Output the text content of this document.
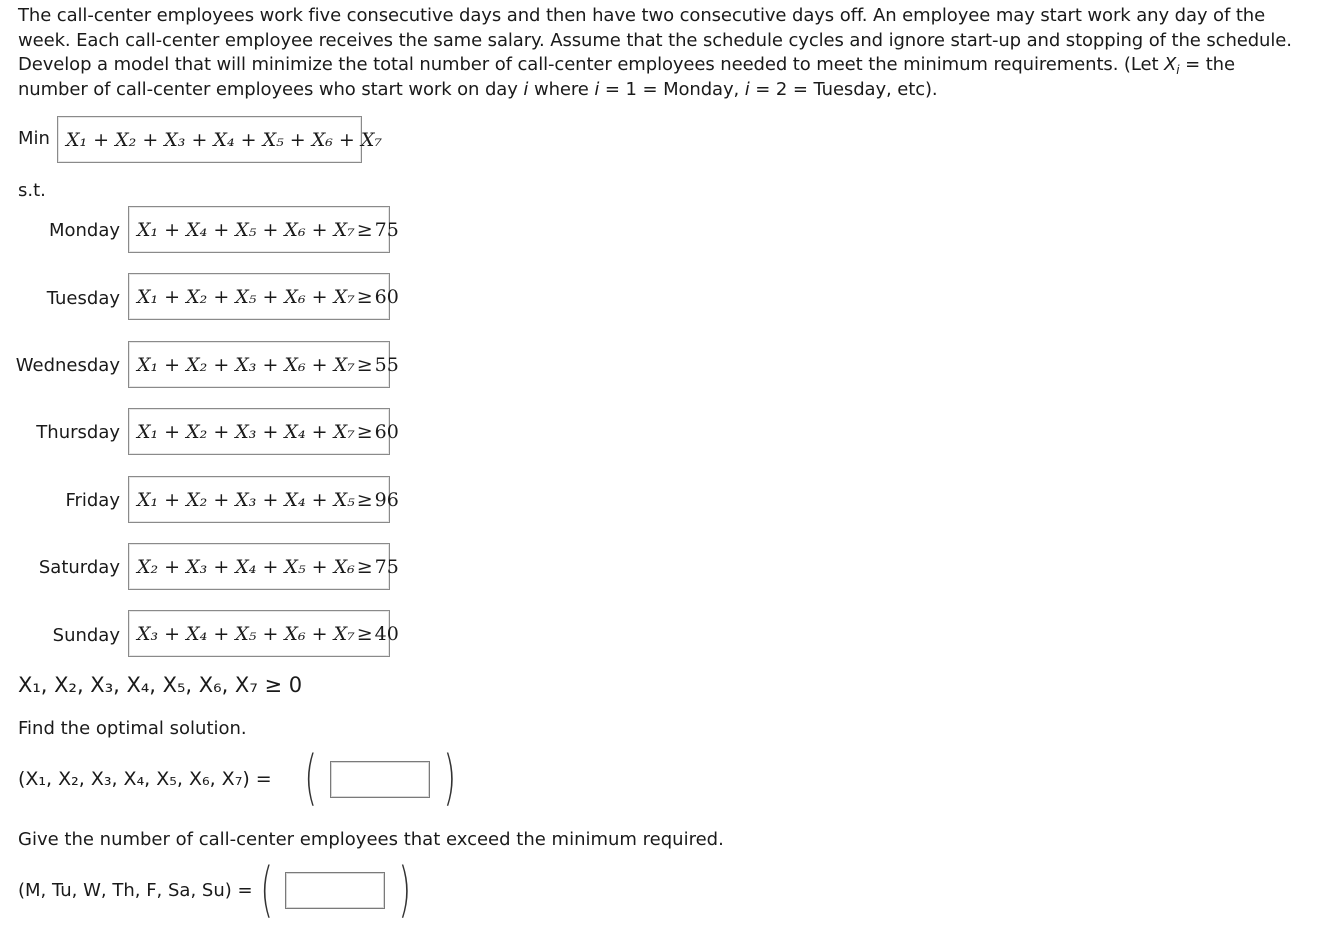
The call-center employees work five consecutive days and then have two consecutive days off. An employee may start work any day of the
week. Each call-center employee receives the same salary. Assume that the schedule cycles and ignore start-up and stopping of the schedule.
Develop a model that will minimize the total number of call-center employees needed to meet the minimum requirements. (Let $X_i$ = the
number of call-center employees who start work on day i where i = 1 = Monday, i = 2 = Tuesday, etc).
Min X₁ + X₂ + X₃ + X₄ + X₅ + X₆ + X₇
s.t.
Monday X₁ + X₄ + X₅ + X₆ + X₇ ≥ 75
Tuesday X₁ + X₂ + X₅ + X₆ + X₇ ≥ 60
Wednesday X₁ + X₂ + X₃ + X₆ + X₇ ≥ 55
Thursday X₁ + X₂ + X₃ + X₄ + X₇ ≥ 60
Friday X₁ + X₂ + X₃ + X₄ + X₅ ≥ 96
Saturday X₂ + X₃ + X₄ + X₅ + X₆ ≥ 75
Sunday X₃ + X₄ + X₅ + X₆ + X₇ ≥ 40
X₁, X₂, X₃, X₄, X₅, X₆, X₇ ≥ 0
Find the optimal solution.
(X₁, X₂, X₃, X₄, X₅, X₆, X₇) = ( )
Give the number of call-center employees that exceed the minimum required.
(M, Tu, W, Th, F, Sa, Su) = ( )
